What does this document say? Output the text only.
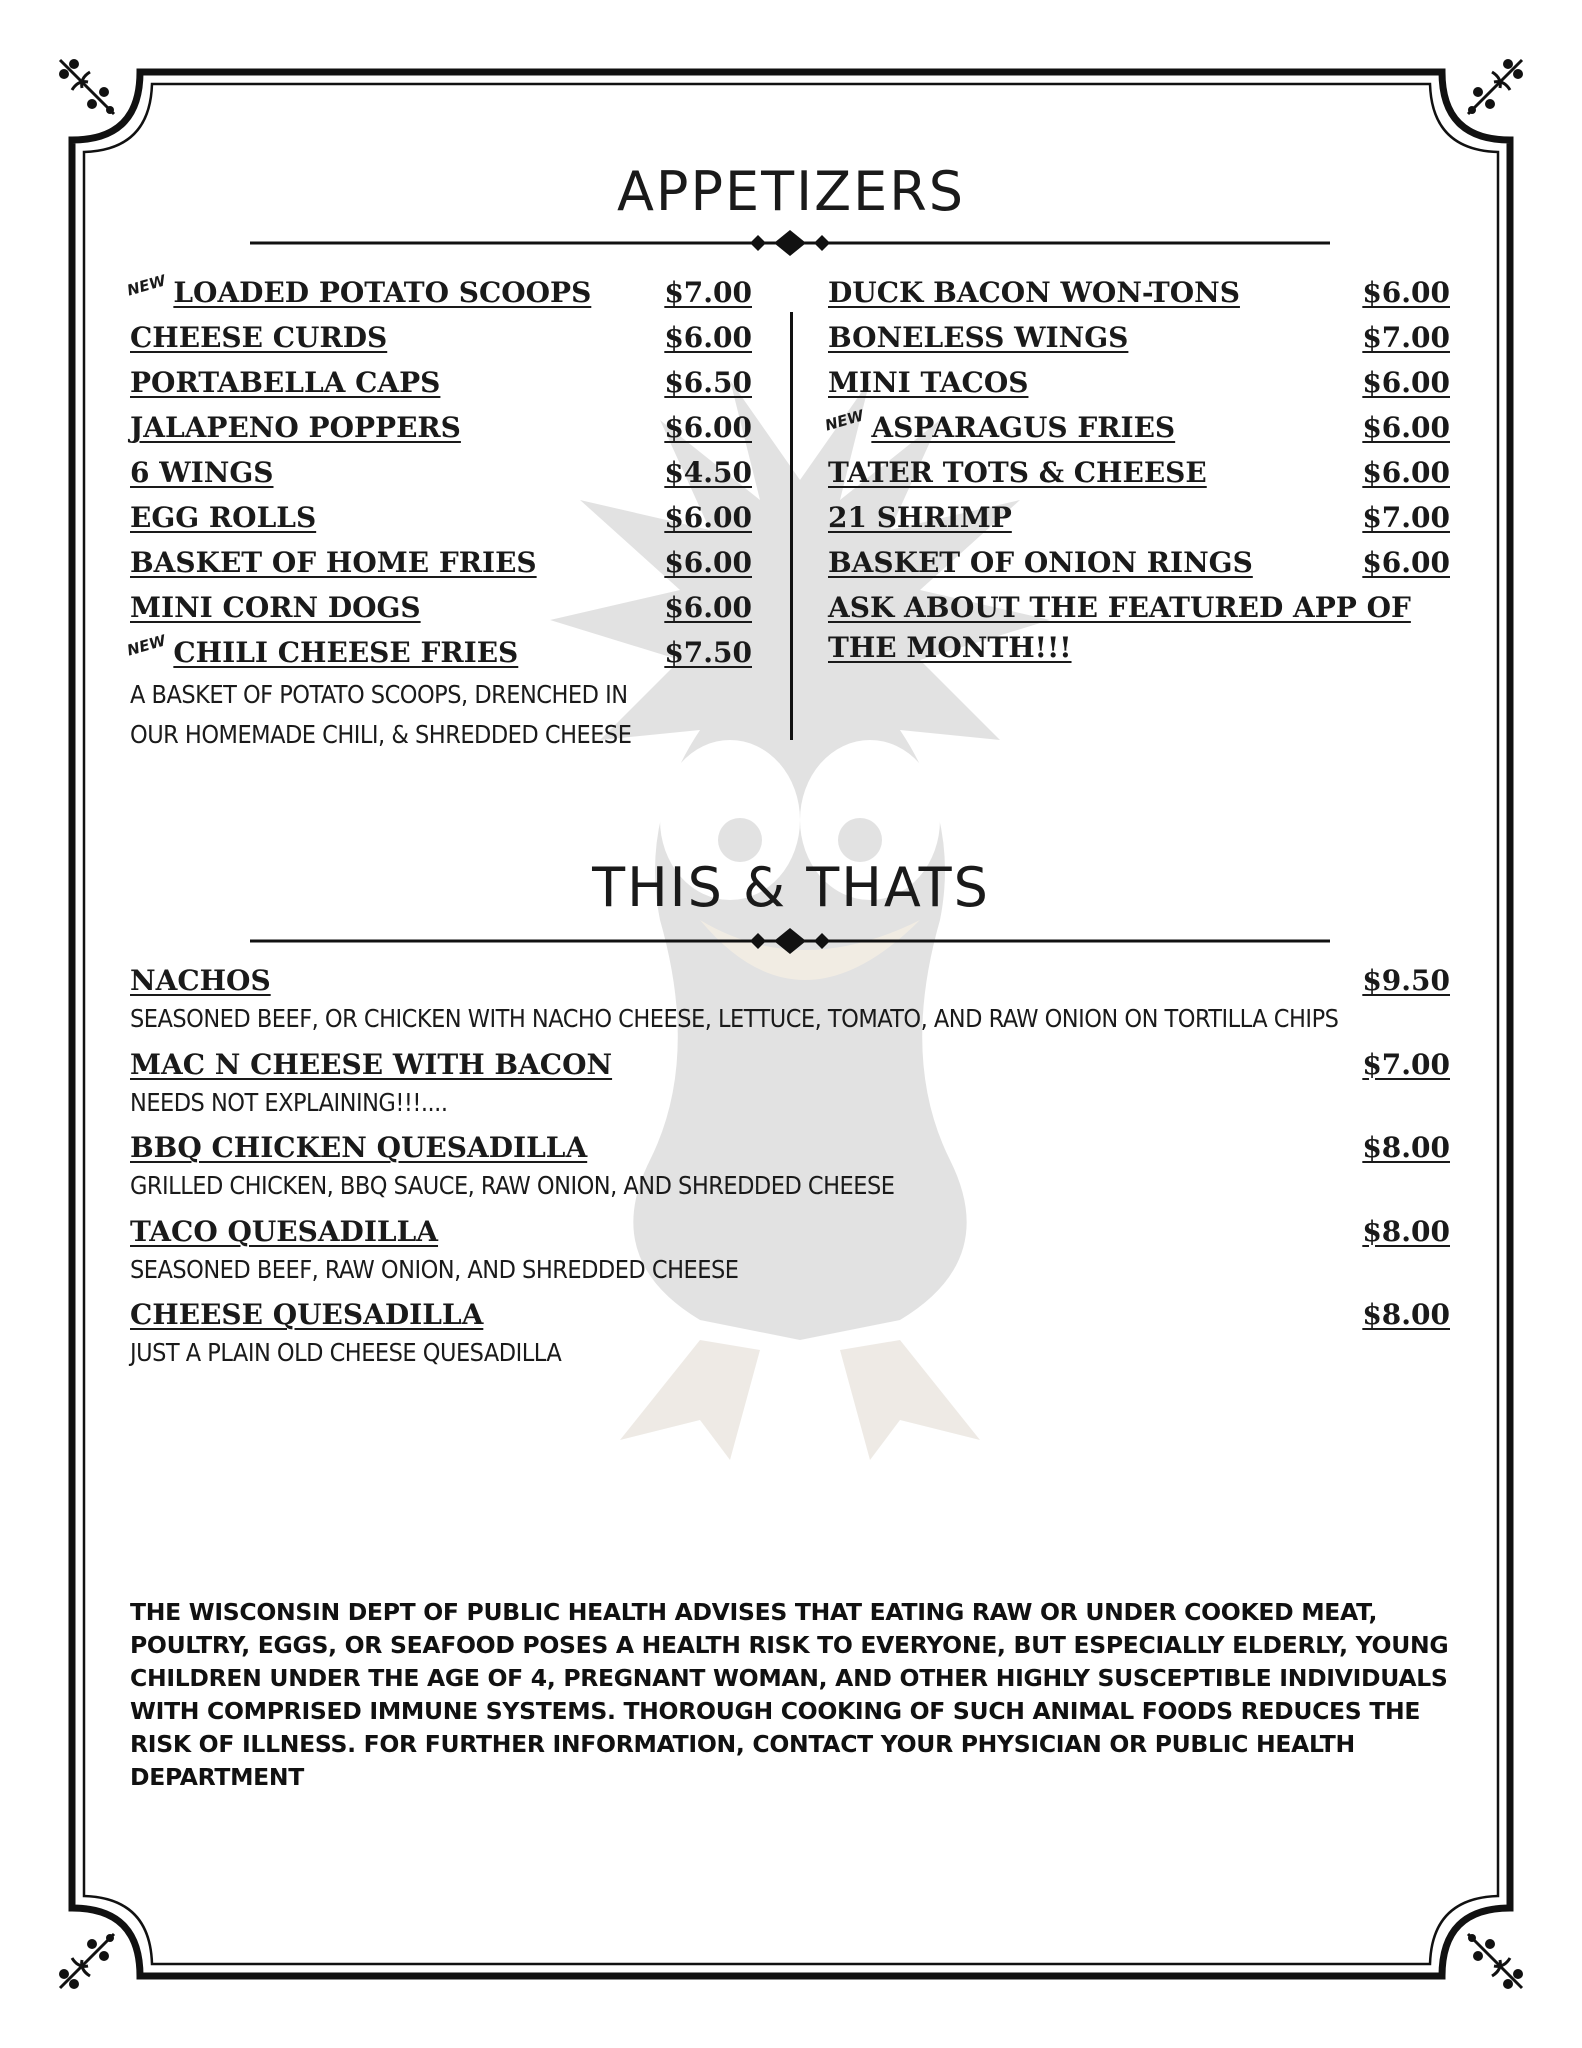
APPETIZERS
NEW LOADED POTATO SCOOPS	$7.00
CHEESE CURDS	$6.00
PORTABELLA CAPS	$6.50
JALAPENO POPPERS	$6.00
6 WINGS	$4.50
EGG ROLLS	$6.00
BASKET OF HOME FRIES	$6.00
MINI CORN DOGS	$6.00
NEW CHILI CHEESE FRIES	$7.50
DUCK BACON WON-TONS	$6.00
BONELESS WINGS	$7.00
MINI TACOS	$6.00
NEW ASPARAGUS FRIES	$6.00
TATER TOTS & CHEESE	$6.00
21 SHRIMP	$7.00
BASKET OF ONION RINGS	$6.00
A BASKET OF POTATO SCOOPS, DRENCHED IN
OUR HOMEMADE CHILI, & SHREDDED CHEESE
ASK ABOUT THE FEATURED APP OF THE MONTH!!!
THIS & THATS
NACHOS	$9.50
SEASONED BEEF, OR CHICKEN WITH NACHO CHEESE, LETTUCE, TOMATO, AND RAW ONION ON TORTILLA CHIPS
MAC N CHEESE WITH BACON	$7.00
NEEDS NOT EXPLAINING!!!....
BBQ CHICKEN QUESADILLA	$8.00
GRILLED CHICKEN, BBQ SAUCE, RAW ONION, AND SHREDDED CHEESE
TACO QUESADILLA	$8.00
SEASONED BEEF, RAW ONION, AND SHREDDED CHEESE
CHEESE QUESADILLA	$8.00
JUST A PLAIN OLD CHEESE QUESADILLA
THE WISCONSIN DEPT OF PUBLIC HEALTH ADVISES THAT EATING RAW OR UNDER COOKED MEAT, POULTRY, EGGS, OR SEAFOOD POSES A HEALTH RISK TO EVERYONE, BUT ESPECIALLY ELDERLY, YOUNG CHILDREN UNDER THE AGE OF 4, PREGNANT WOMAN, AND OTHER HIGHLY SUSCEPTIBLE INDIVIDUALS WITH COMPRISED IMMUNE SYSTEMS. THOROUGH COOKING OF SUCH ANIMAL FOODS REDUCES THE RISK OF ILLNESS. FOR FURTHER INFORMATION, CONTACT YOUR PHYSICIAN OR PUBLIC HEALTH DEPARTMENT
